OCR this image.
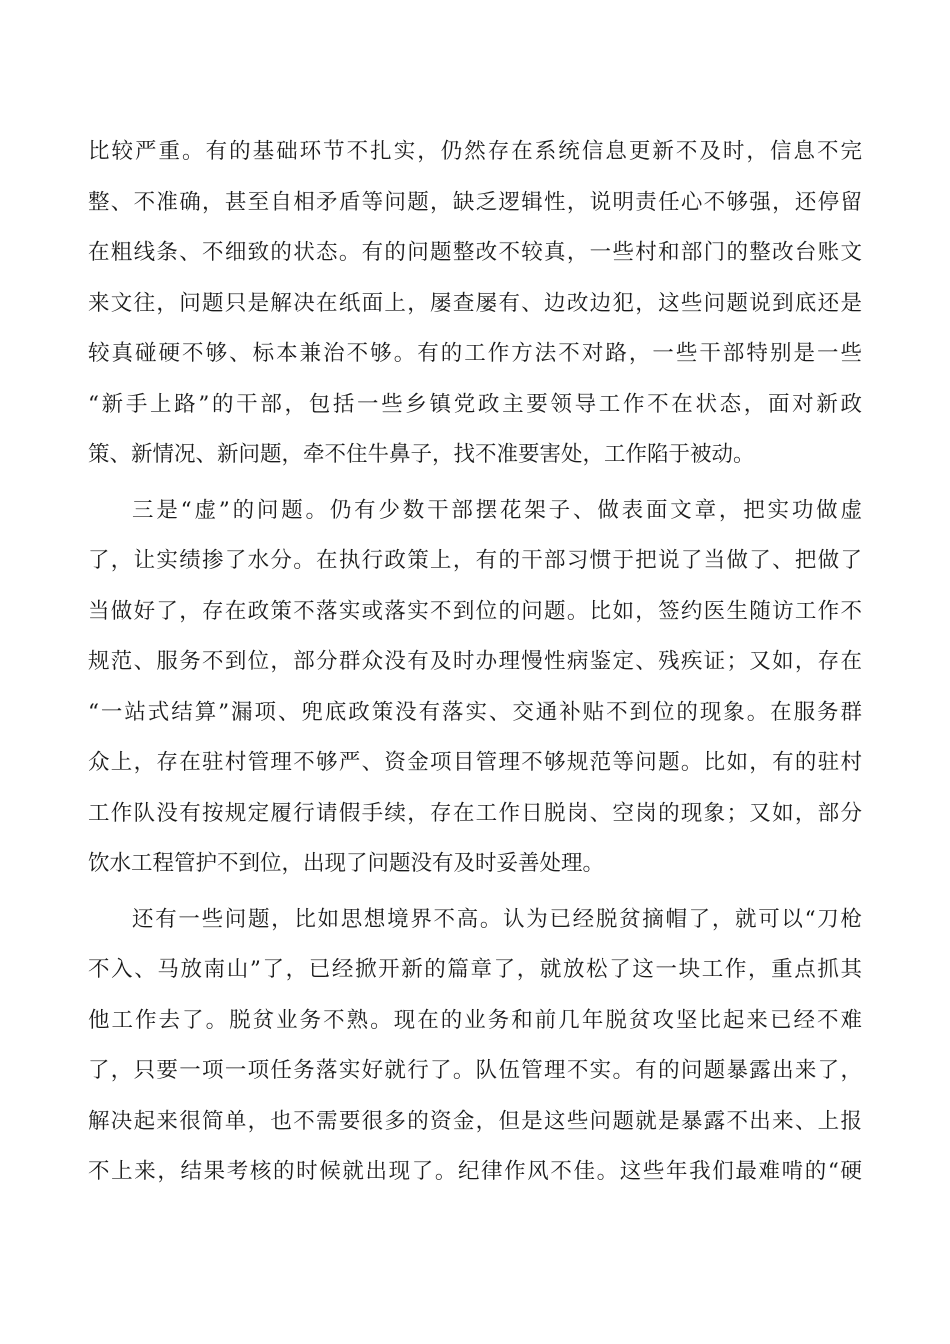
比较严重。有的基础环节不扎实，仍然存在系统信息更新不及时，信息不完
整、不准确，甚至自相矛盾等问题，缺乏逻辑性，说明责任心不够强，还停留
在粗线条、不细致的状态。有的问题整改不较真，一些村和部门的整改台账文
来文往，问题只是解决在纸面上，屡查屡有、边改边犯，这些问题说到底还是
较真碰硬不够、标本兼治不够。有的工作方法不对路，一些干部特别是一些
“新手上路”的干部，包括一些乡镇党政主要领导工作不在状态，面对新政
策、新情况、新问题，牵不住牛鼻子，找不准要害处，工作陷于被动。
三是“虚”的问题。仍有少数干部摆花架子、做表面文章，把实功做虚
了，让实绩掺了水分。在执行政策上，有的干部习惯于把说了当做了、把做了
当做好了，存在政策不落实或落实不到位的问题。比如，签约医生随访工作不
规范、服务不到位，部分群众没有及时办理慢性病鉴定、残疾证；又如，存在
“一站式结算”漏项、兜底政策没有落实、交通补贴不到位的现象。在服务群
众上，存在驻村管理不够严、资金项目管理不够规范等问题。比如，有的驻村
工作队没有按规定履行请假手续，存在工作日脱岗、空岗的现象；又如，部分
饮水工程管护不到位，出现了问题没有及时妥善处理。
还有一些问题，比如思想境界不高。认为已经脱贫摘帽了，就可以“刀枪
不入、马放南山”了，已经掀开新的篇章了，就放松了这一块工作，重点抓其
他工作去了。脱贫业务不熟。现在的业务和前几年脱贫攻坚比起来已经不难
了，只要一项一项任务落实好就行了。队伍管理不实。有的问题暴露出来了，
解决起来很简单，也不需要很多的资金，但是这些问题就是暴露不出来、上报
不上来，结果考核的时候就出现了。纪律作风不佳。这些年我们最难啃的“硬
